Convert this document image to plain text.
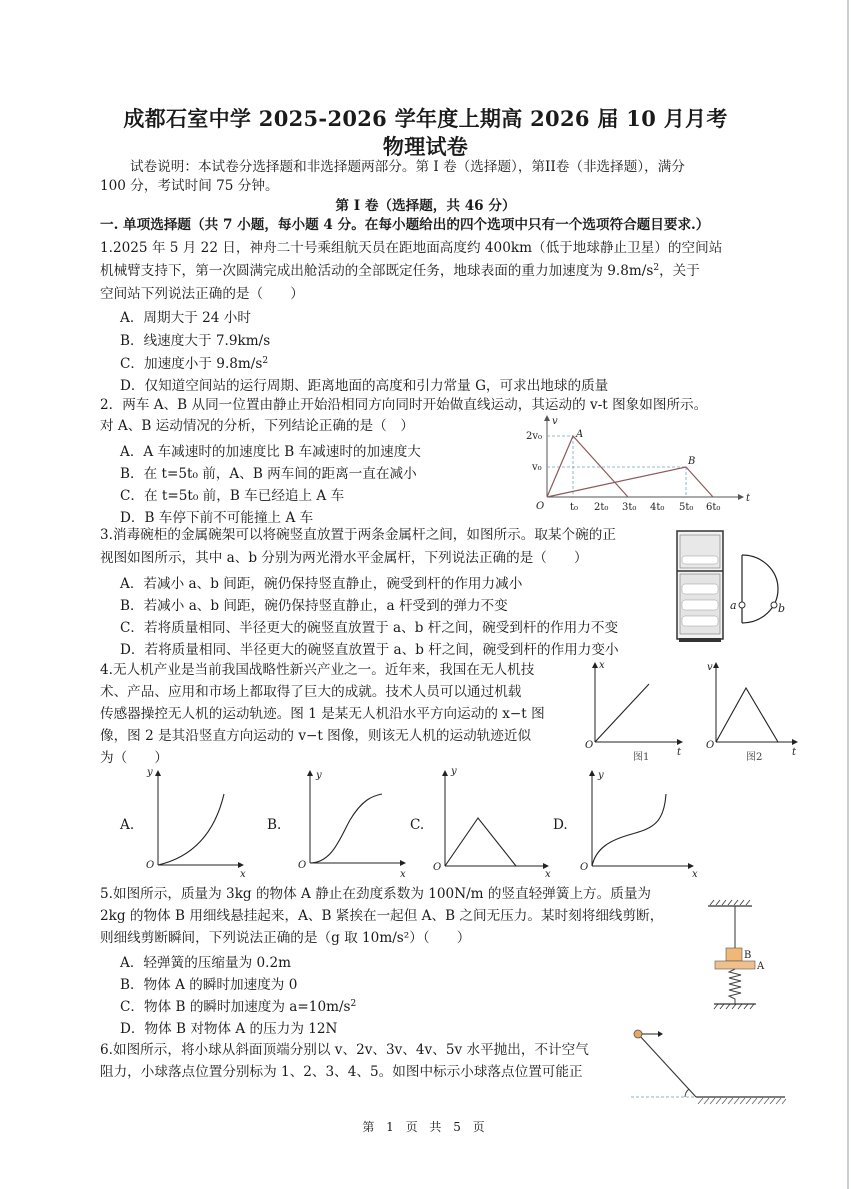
成都石室中学 2025-2026 学年度上期高 2026 届 10 月月考
物理试卷
试卷说明：本试卷分选择题和非选择题两部分。第 I 卷（选择题），第II卷（非选择题），满分
100 分，考试时间 75 分钟。
第 I 卷（选择题，共 46 分）
一. 单项选择题（共 7 小题，每小题 4 分。在每小题给出的四个选项中只有一个选项符合题目要求.）
1.2025 年 5 月 22 日，神舟二十号乘组航天员在距地面高度约 400km（低于地球静止卫星）的空间站
机械臂支持下，第一次圆满完成出舱活动的全部既定任务，地球表面的重力加速度为 $9.8m/s^2$，关于
空间站下列说法正确的是（　　）
A．周期大于 24 小时
B．线速度大于 7.9km/s
C．加速度小于 $9.8m/s^2$
D．仅知道空间站的运行周期、距离地面的高度和引力常量 G，可求出地球的质量
2．两车 A、B 从同一位置由静止开始沿相同方向同时开始做直线运动，其运动的 v-t 图象如图所示。
对 A、B 运动情况的分析，下列结论正确的是（　）
A．A 车减速时的加速度比 B 车减速时的加速度大
B．在 t=5t₀ 前，A、B 两车间的距离一直在减小
C．在 t=5t₀ 前，B 车已经追上 A 车
D．B 车停下前不可能撞上 A 车
v
t
O
2v₀
v₀
t₀ 2t₀ 3t₀ 4t₀ 5t₀ 6t₀
A
B
3.消毒碗柜的金属碗架可以将碗竖直放置于两条金属杆之间，如图所示。取某个碗的正
视图如图所示，其中 a、b 分别为两光滑水平金属杆，下列说法正确的是（　　）
A．若减小 a、b 间距，碗仍保持竖直静止，碗受到杆的作用力减小
B．若减小 a、b 间距，碗仍保持竖直静止，a 杆受到的弹力不变
C．若将质量相同、半径更大的碗竖直放置于 a、b 杆之间，碗受到杆的作用力不变
D．若将质量相同、半径更大的碗竖直放置于 a、b 杆之间，碗受到杆的作用力变小
a	b
4.无人机产业是当前我国战略性新兴产业之一。近年来，我国在无人机技
术、产品、应用和市场上都取得了巨大的成就。技术人员可以通过机载
传感器操控无人机的运动轨迹。图 1 是某无人机沿水平方向运动的 x−t 图
像，图 2 是其沿竖直方向运动的 v−t 图像，则该无人机的运动轨迹近似
为（　　）
x
t
O
图1
v
t
O
图2
A.
y
x
O
B.
y
x
O
C.
y
x
O
D.
y
x
O
5.如图所示，质量为 3kg 的物体 A 静止在劲度系数为 100N/m 的竖直轻弹簧上方。质量为
2kg 的物体 B 用细线悬挂起来，A、B 紧挨在一起但 A、B 之间无压力。某时刻将细线剪断，
则细线剪断瞬间，下列说法正确的是（g 取 10m/s²）（　　）
A．轻弹簧的压缩量为 0.2m
B．物体 A 的瞬时加速度为 0
C．物体 B 的瞬时加速度为 $a=10m/s^2$
D．物体 B 对物体 A 的压力为 12N
B
A
6.如图所示，将小球从斜面顶端分别以 v、2v、3v、4v、5v 水平抛出，不计空气
阻力，小球落点位置分别标为 1、2、3、4、5。如图中标示小球落点位置可能正
第 1 页 共 5 页
